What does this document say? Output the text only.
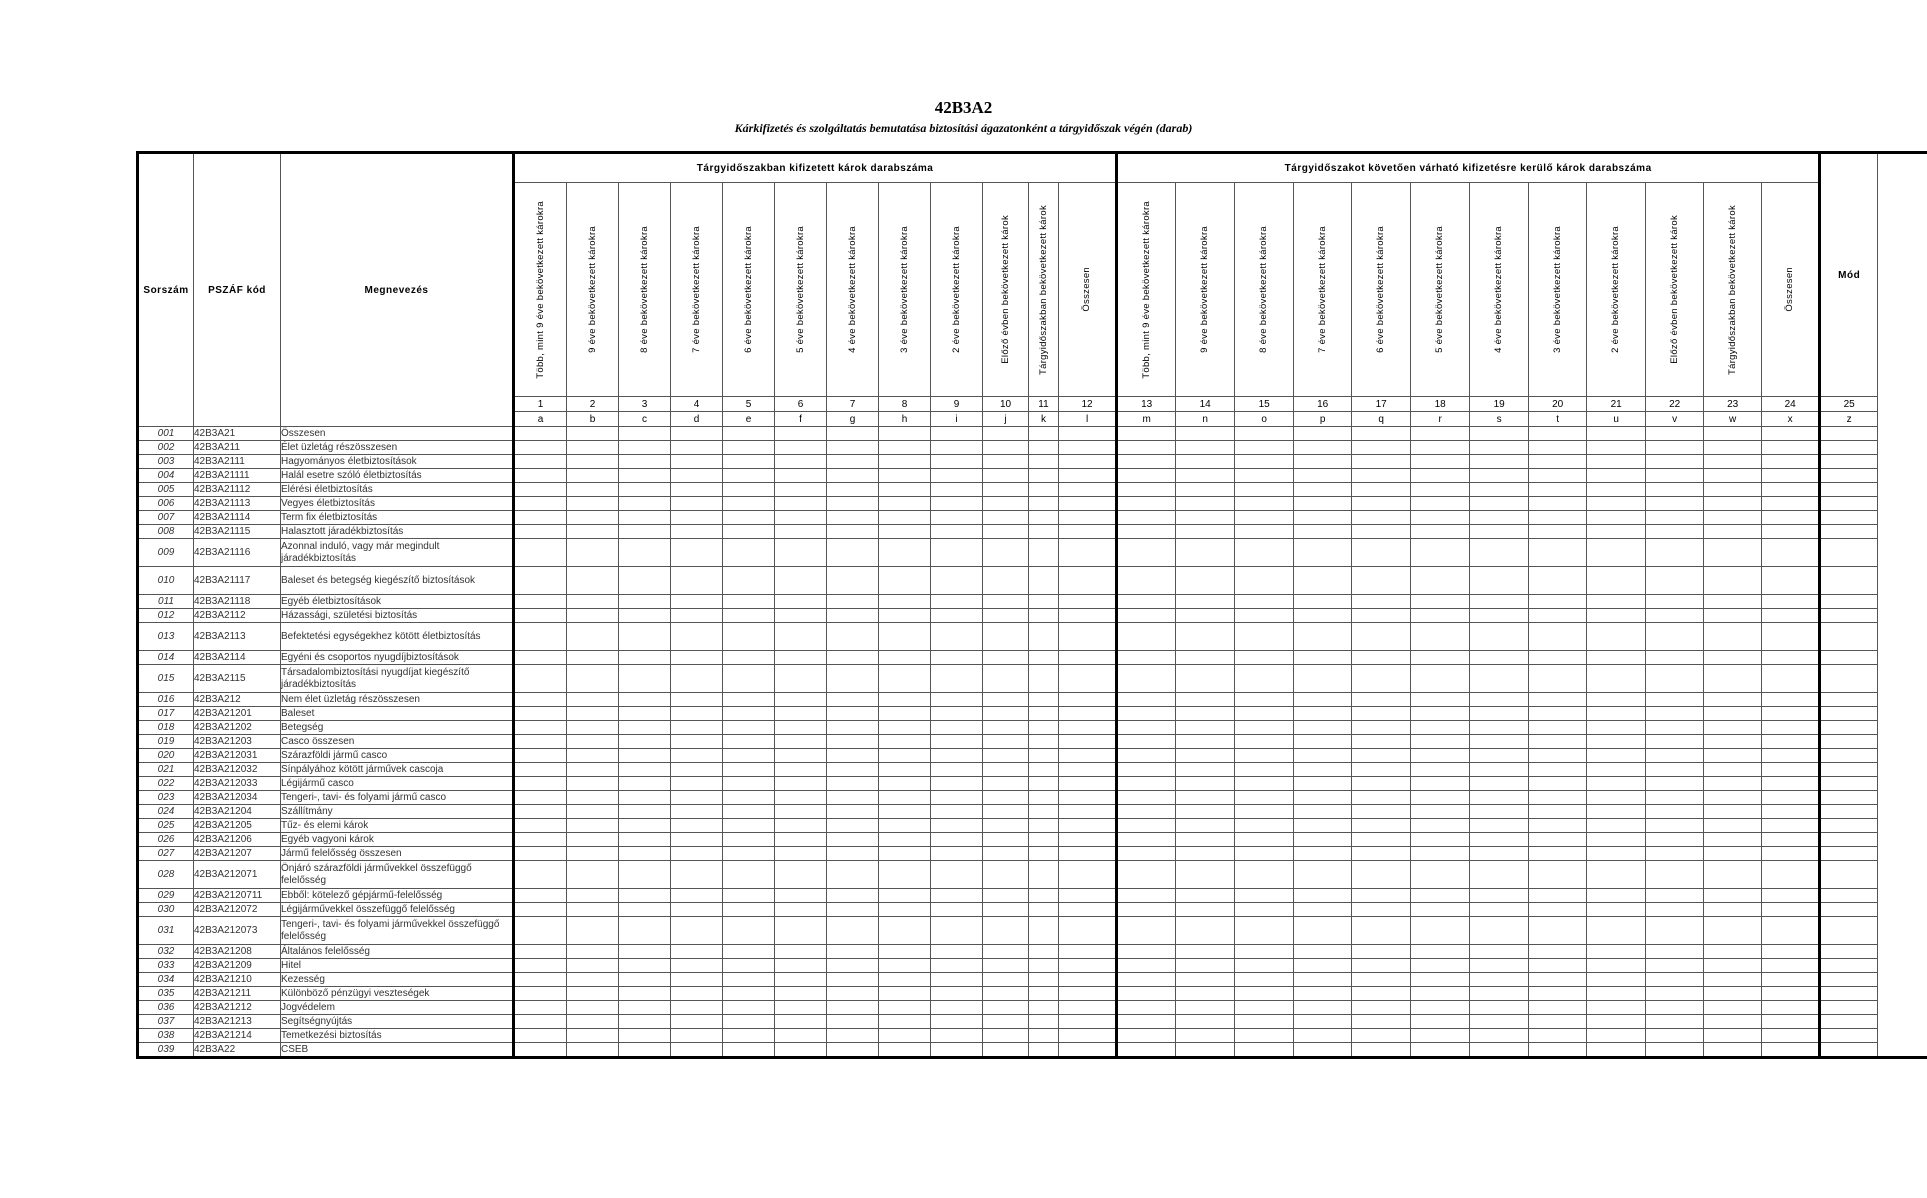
42B3A2
Kárkifizetés és szolgáltatás bemutatása biztosítási ágazatonként a tárgyidőszak végén (darab)
Sorszám	PSZÁF kód	Megnevezés	Tárgyidőszakban kifizetett károk darabszáma												Tárgyidőszakot követően várható kifizetésre kerülő károk darabszáma												Mód

			Több, mint 9 éve bekövetkezett károkra	9 éve bekövetkezett károkra	8 éve bekövetkezett károkra	7 éve bekövetkezett károkra	6 éve bekövetkezett károkra	5 éve bekövetkezett károkra	4 éve bekövetkezett károkra	3 éve bekövetkezett károkra	2 éve bekövetkezett károkra	Előző évben bekövetkezett károk	Tárgyidőszakban bekövetkezett károk	Összesen	Több, mint 9 éve bekövetkezett károkra	9 éve bekövetkezett károkra	8 éve bekövetkezett károkra	7 éve bekövetkezett károkra	6 éve bekövetkezett károkra	5 éve bekövetkezett károkra	4 éve bekövetkezett károkra	3 éve bekövetkezett károkra	2 éve bekövetkezett károkra	Előző évben bekövetkezett károk	Tárgyidőszakban bekövetkezett károk	Összesen	

			1	2	3	4	5	6	7	8	9	10	11	12	13	14	15	16	17	18	19	20	21	22	23	24	25
			a	b	c	d	e	f	g	h	i	j	k	l	m	n	o	p	q	r	s	t	u	v	w	x	z
001	42B3A21	Összesen																									
002	42B3A211	Élet üzletág részösszesen																									
003	42B3A2111	Hagyományos életbiztosítások																									
004	42B3A21111	Halál esetre szóló életbiztosítás																									
005	42B3A21112	Elérési életbiztosítás																									
006	42B3A21113	Vegyes életbiztosítás																									
007	42B3A21114	Term fix életbiztosítás																									
008	42B3A21115	Halasztott járadékbiztosítás																									
009	42B3A21116	Azonnal induló, vagy már megindult járadékbiztosítás																									
010	42B3A21117	Baleset és betegség kiegészítő biztosítások																									
011	42B3A21118	Egyéb életbiztosítások																									
012	42B3A2112	Házassági, születési biztosítás																									
013	42B3A2113	Befektetési egységekhez kötött életbiztosítás																									
014	42B3A2114	Egyéni és csoportos nyugdíjbiztosítások																									
015	42B3A2115	Társadalombiztosítási nyugdíjat kiegészítő járadékbiztosítás																									
016	42B3A212	Nem élet üzletág részösszesen																									
017	42B3A21201	Baleset																									
018	42B3A21202	Betegség																									
019	42B3A21203	Casco összesen																									
020	42B3A212031	Szárazföldi jármű casco																									
021	42B3A212032	Sínpályához kötött járművek cascoja																									
022	42B3A212033	Légijármű casco																									
023	42B3A212034	Tengeri-, tavi- és folyami jármű casco																									
024	42B3A21204	Szállítmány																									
025	42B3A21205	Tűz- és elemi károk																									
026	42B3A21206	Egyéb vagyoni károk																									
027	42B3A21207	Jármű felelősség összesen																									
028	42B3A212071	Önjáró szárazföldi járművekkel összefüggő felelősség																									
029	42B3A2120711	Ebből: kötelező gépjármű-felelősség																									
030	42B3A212072	Légijárművekkel összefüggő felelősség																									
031	42B3A212073	Tengeri-, tavi- és folyami járművekkel összefüggő felelősség																									
032	42B3A21208	Általános felelősség																									
033	42B3A21209	Hitel																									
034	42B3A21210	Kezesség																									
035	42B3A21211	Különböző pénzügyi veszteségek																									
036	42B3A21212	Jogvédelem																									
037	42B3A21213	Segítségnyújtás																									
038	42B3A21214	Temetkezési biztosítás																									
039	42B3A22	CSEB																									
